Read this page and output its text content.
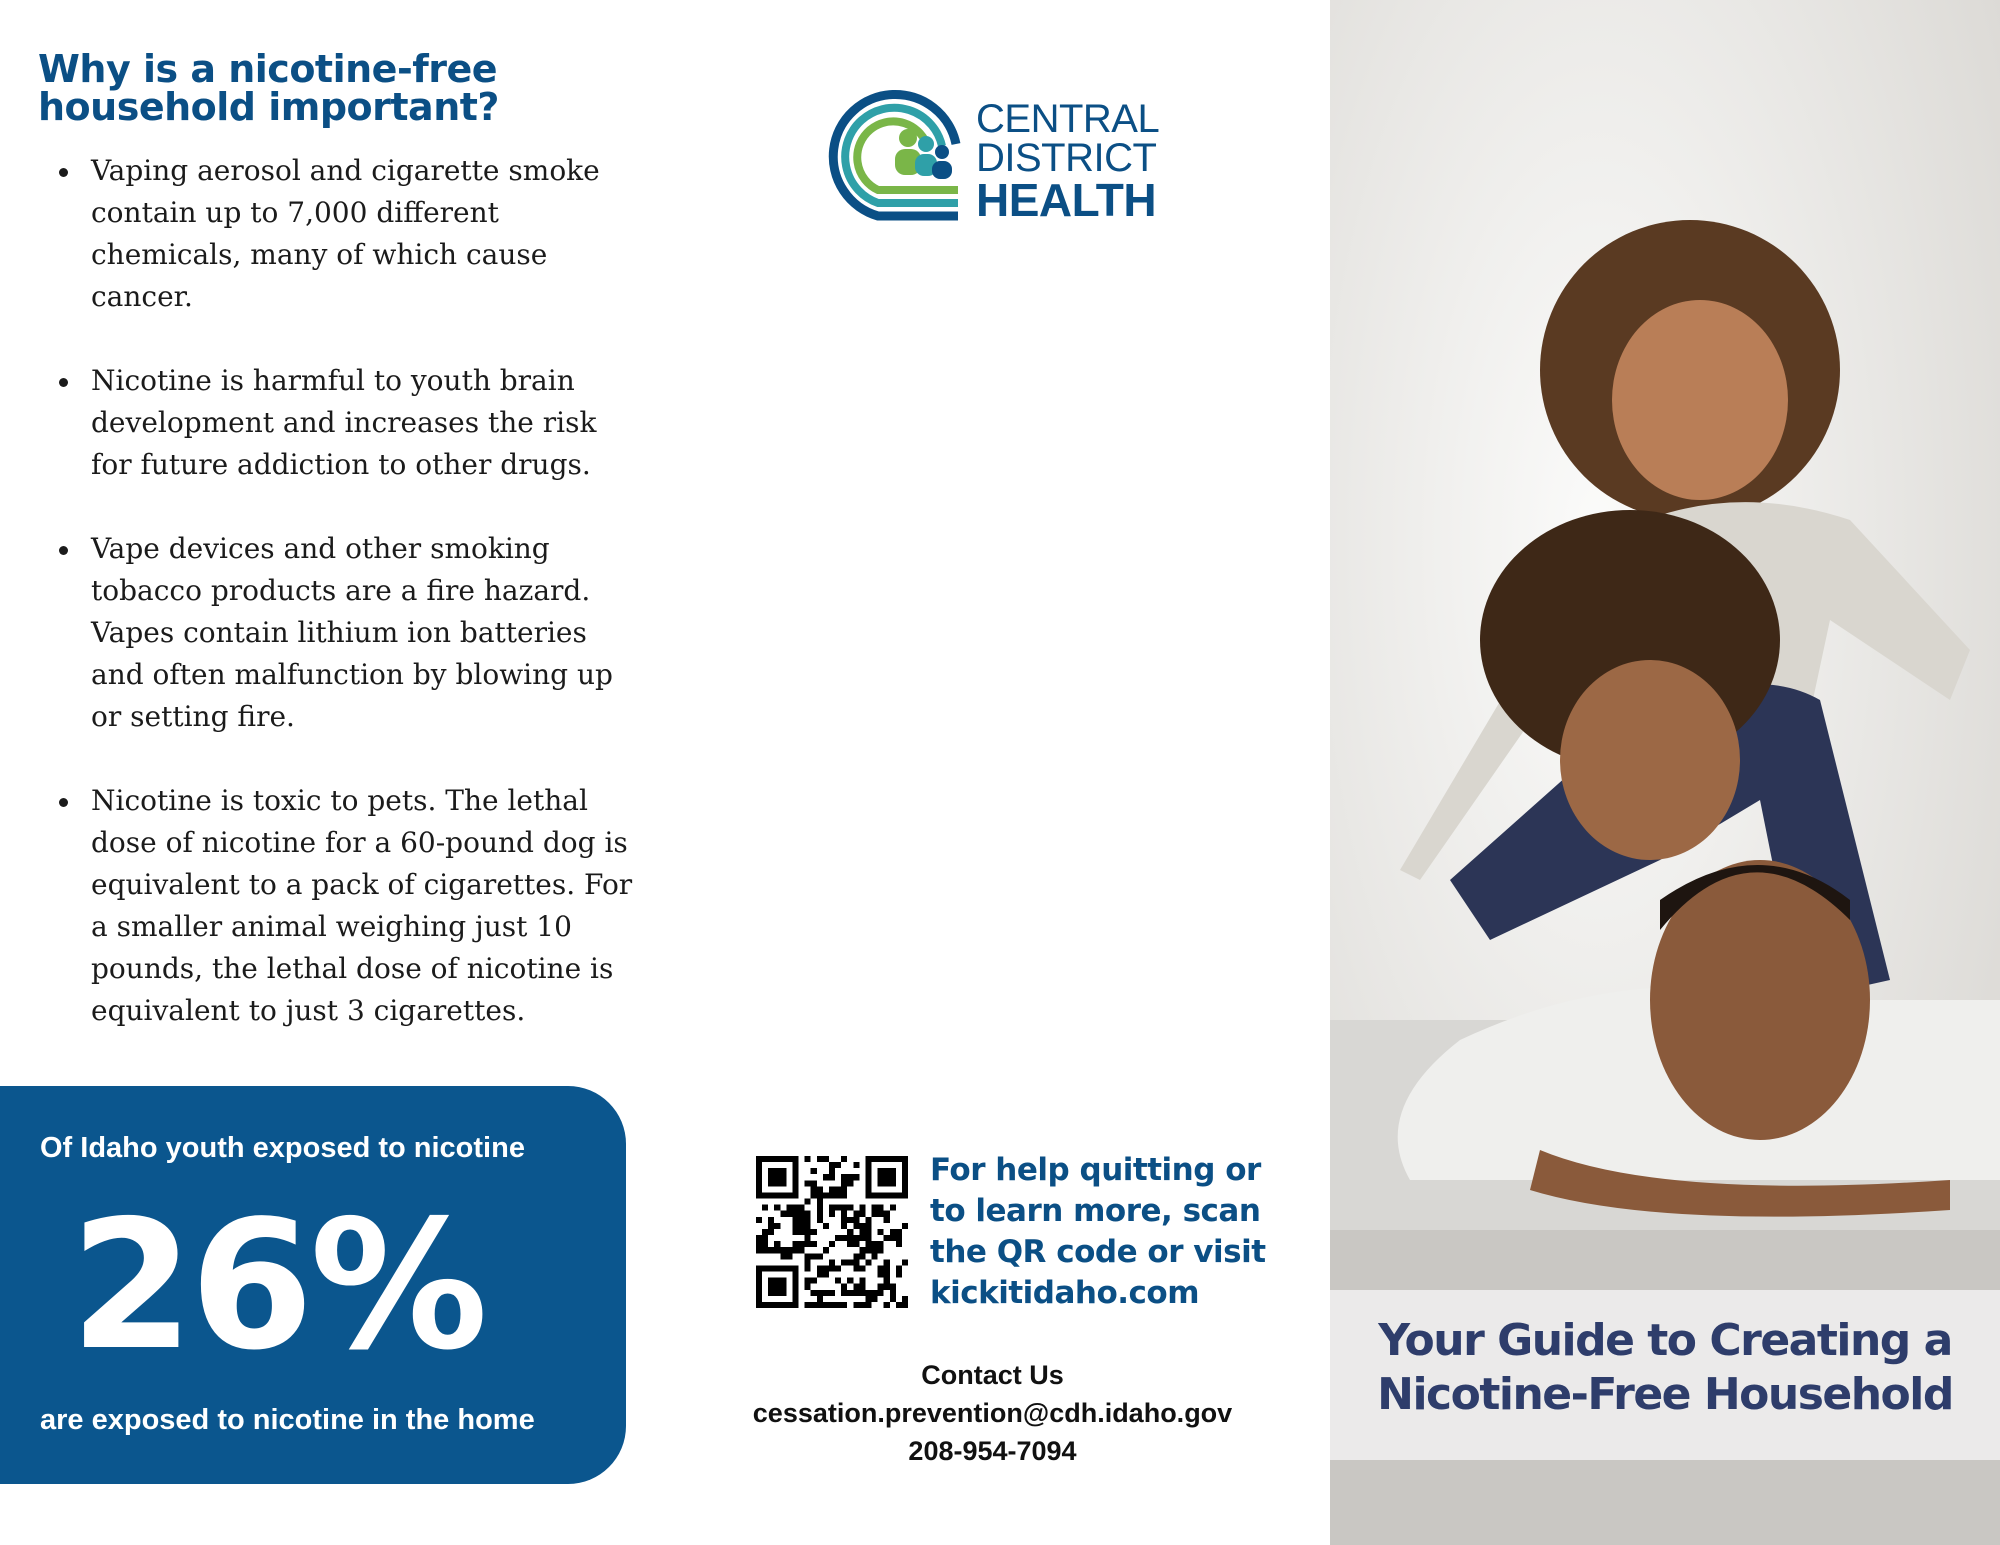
Why is a nicotine-free household important?
Vaping aerosol and cigarette smoke contain up to 7,000 different chemicals, many of which cause cancer.
Nicotine is harmful to youth brain development and increases the risk for future addiction to other drugs.
Vape devices and other smoking tobacco products are a fire hazard. Vapes contain lithium ion batteries and often malfunction by blowing up or setting fire.
Nicotine is toxic to pets. The lethal dose of nicotine for a 60-pound dog is equivalent to a pack of cigarettes. For a smaller animal weighing just 10 pounds, the lethal dose of nicotine is equivalent to just 3 cigarettes.
Of Idaho youth exposed to nicotine
26%
are exposed to nicotine in the home
CENTRAL
DISTRICT
HEALTH
For help quitting or
to learn more, scan
the QR code or visit
kickitidaho.com
Contact Us
cessation.prevention@cdh.idaho.gov
208-954-7094
Your Guide to Creating a
Nicotine-Free Household
